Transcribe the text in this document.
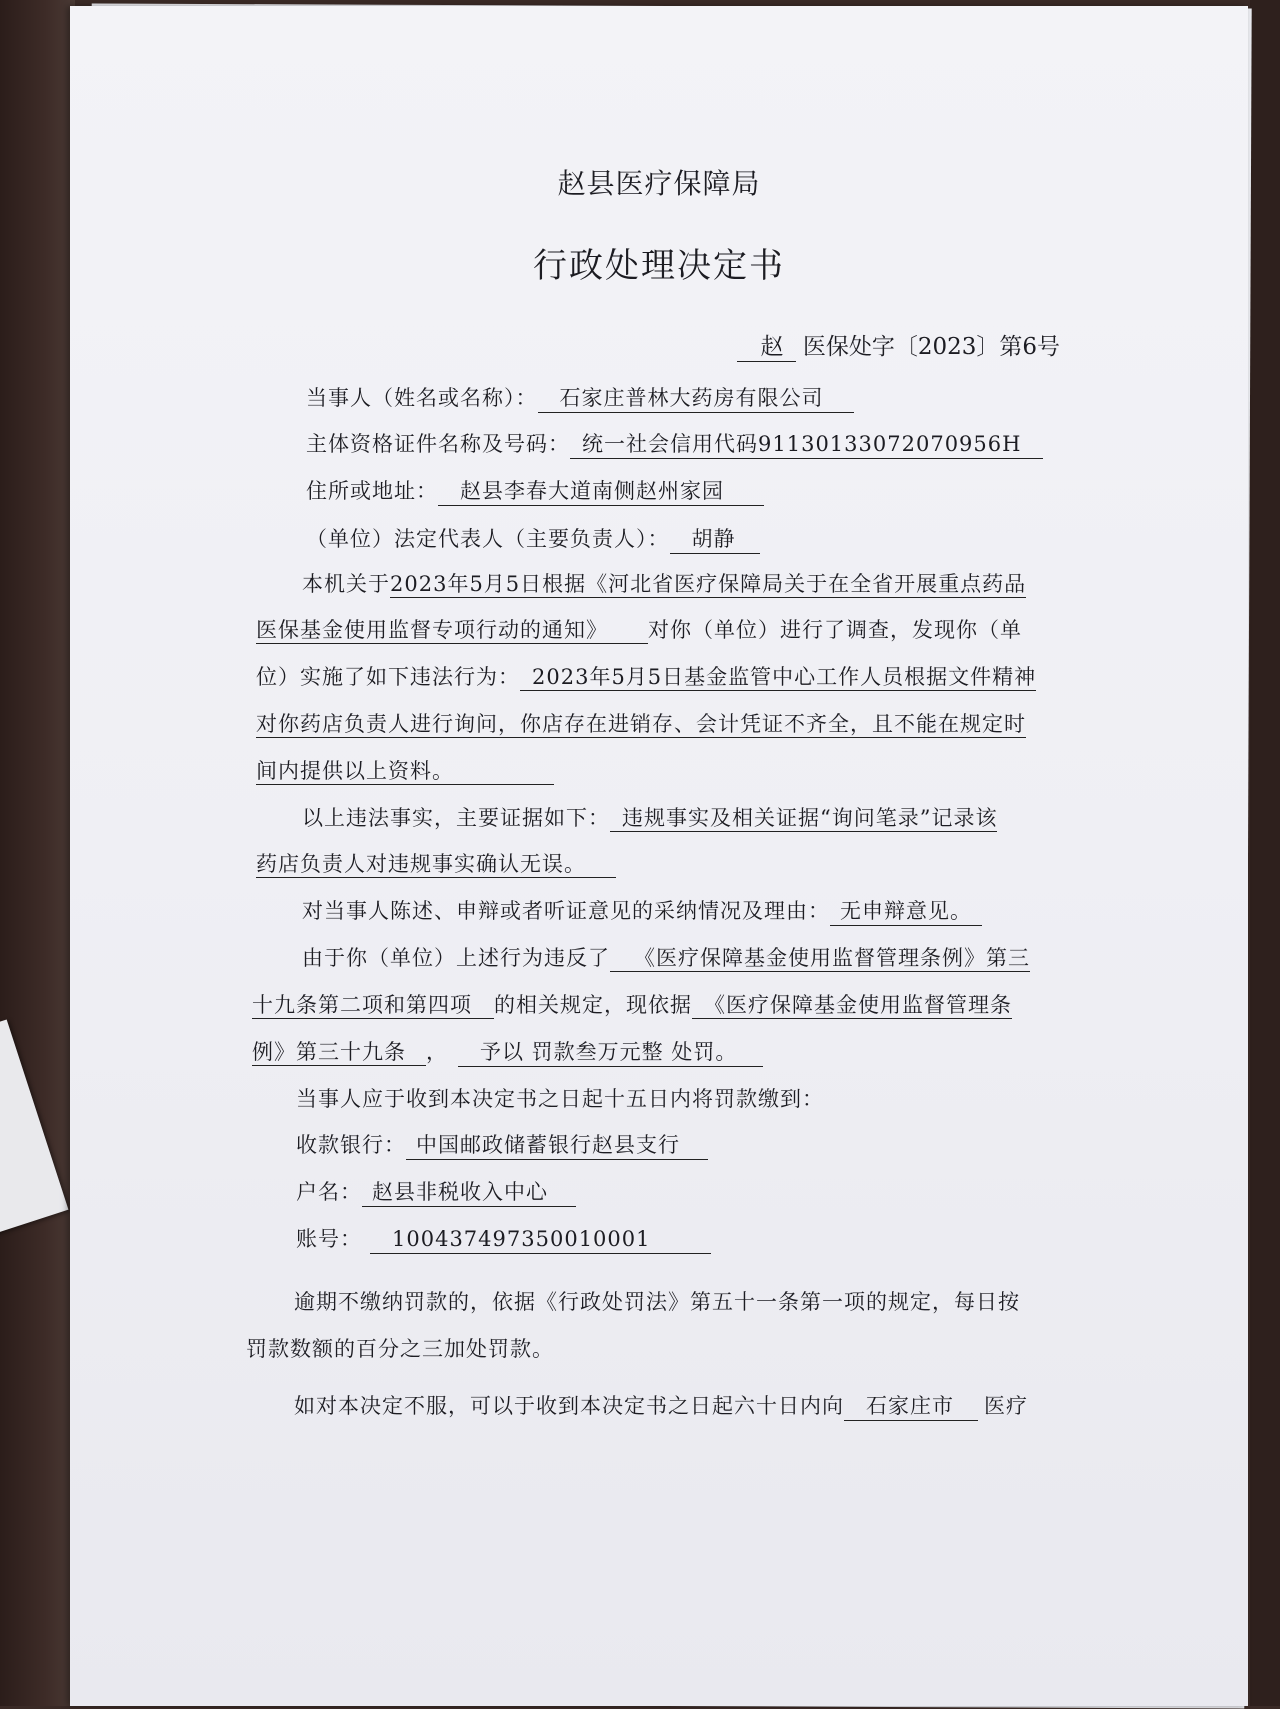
赵县医疗保障局
行政处理决定书
赵 医保处字〔2023〕第6号
当事人（姓名或名称）： 石家庄普林大药房有限公司
主体资格证件名称及号码： 统一社会信用代码91130133072070956H
住所或地址： 赵县李春大道南侧赵州家园
（单位）法定代表人（主要负责人）： 胡静
本机关于2023年5月5日根据《河北省医疗保障局关于在全省开展重点药品
医保基金使用监督专项行动的通知》 对你（单位）进行了调查，发现你（单
位）实施了如下违法行为： 2023年5月5日基金监管中心工作人员根据文件精神
对你药店负责人进行询问，你店存在进销存、会计凭证不齐全，且不能在规定时
间内提供以上资料。
以上违法事实，主要证据如下： 违规事实及相关证据“询问笔录”记录该
药店负责人对违规事实确认无误。
对当事人陈述、申辩或者听证意见的采纳情况及理由： 无申辩意见。
由于你（单位）上述行为违反了 《医疗保障基金使用监督管理条例》第三
十九条第二项和第四项 的相关规定，现依据 《医疗保障基金使用监督管理条
例》第三十九条 ， 予以 罚款叁万元整 处罚。
当事人应于收到本决定书之日起十五日内将罚款缴到：
收款银行： 中国邮政储蓄银行赵县支行
户名： 赵县非税收入中心
账号： 100437497350010001
逾期不缴纳罚款的，依据《行政处罚法》第五十一条第一项的规定，每日按
罚款数额的百分之三加处罚款。
如对本决定不服，可以于收到本决定书之日起六十日内向 石家庄市 医疗
